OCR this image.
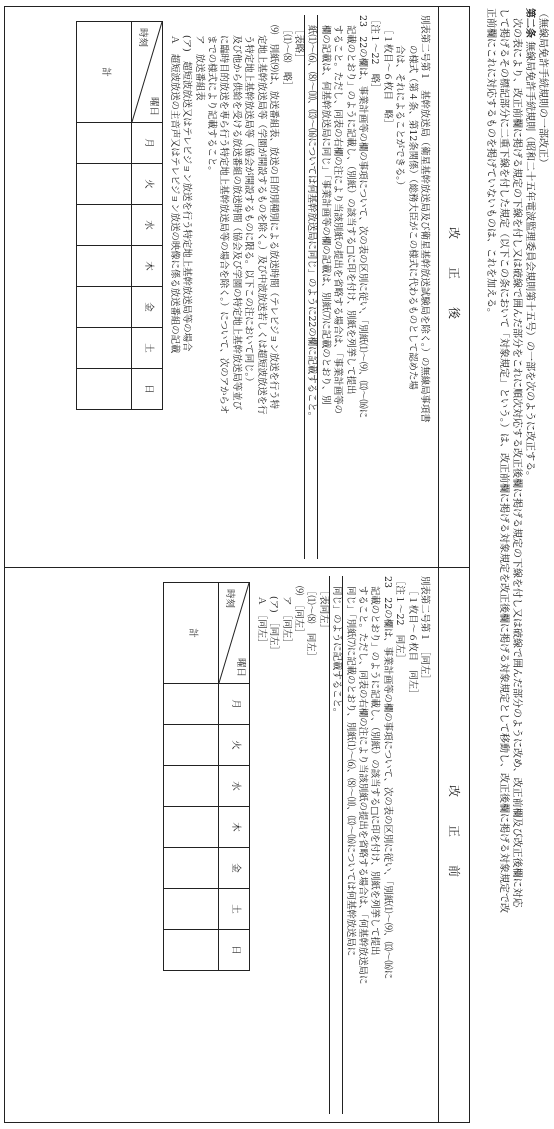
（無線局免許手続規則の一部改正）
第二条 無線局免許手続規則（昭和二十五年電波監理委員会規則第十五号）の一部を次のように改正する。
次の表により、改正前欄に掲げる規定の下線を付し又は破線で囲んだ部分をこれに順次対応する改正後欄に掲げる規定の下線を付し又は破線で囲んだ部分のように改め、改正前欄及び改正後欄に対応
して掲げるその標記部分に二重下線を付した規定（以下この条において「対象規定」という。）は、改正前欄に掲げる対象規定を改正後欄に掲げる対象規定として移動し、改正後欄に掲げる対象規定で改
正前欄にこれに対応するものを掲げていないものは、これを加える。
改正後
別表第二号第１　基幹放送局（衛星基幹放送局及び衛星基幹放送試験局を除く。）の無線局事項書
の様式（第４条、第12条関係）（総務大臣がこの様式に代わるものとして認めた場
合は、それによることができる。）
［１枚目～６枚目　略］
［注１～22　略］
23　22の欄は、事業計画等の欄の事項について、次の表の区別に従い、「別紙⑴～⑼、⒀～⒃に
記載のとおり」のように記載し、（別紙）の該当する□に印を付け、別紙を列挙して提出
すること。ただし、同表の右欄の注により当該別紙の提出を省略する場合は、「事業計画等の
欄の記載は、何基幹放送局に同じ」「事業計画等の欄の記載は、別紙⑺に記載のとおり、別
紙⑴～⑹、⑻～⑽、⒀～⒃については何基幹放送局に同じ」のように22の欄に記載すること。
［表略］
［⑴～⑻　略］
⑼　別紙⑼は、放送番組表、放送の目的別種別による放送時間（テレビジョン放送を行う特
定地上基幹放送局等（学園が開設するものを除く。）及び中波放送若しくは超短波放送を行
う特定地上基幹放送局等（協会が開設するものに限る。以下この注において同じ。）
及び他から供給を受ける放送番組の放送時間（協会及び学園の特定地上基幹放送局等並び
に臨時目的放送を専ら行う特定地上基幹放送局等の場合を除く。）について、次のアからオ
までの様式により記載すること。
ア　放送番組表
(ア)　超短波放送又はテレビジョン放送を行う特定地上基幹放送局等の場合
Ａ　超短波放送の主音声又はテレビジョン放送の映像に係る放送番組の記載
曜日
時刻	月	火	水	木	金	土	日
計							
改正前
別表第二号第１　［同左］
［１枚目～６枚目　同左］
［注１～22　同左］
23　22の欄は、事業計画等の欄の事項について、次の表の区別に従い、「別紙⑴～⑼、⒀～⒃に
記載のとおり」のように記載し、（別紙）の該当する□に印を付け、別紙を列挙して提出
すること。ただし、同表の右欄の注により当該別紙の提出を省略する場合は、「何基幹放送局に
同じ」「別紙⑺に記載のとおり、別紙⑴～⑹、⑻～⑽、⒀～⒃については何基幹放送局に
同じ」のように記載すること。
［表同左］
［⑴～⑻　同左］
⑼　［同左］
ア　［同左］
(ア)　［同左］
Ａ　［同左］
曜日
時刻	月	火	水	木	金	土	日
計							
